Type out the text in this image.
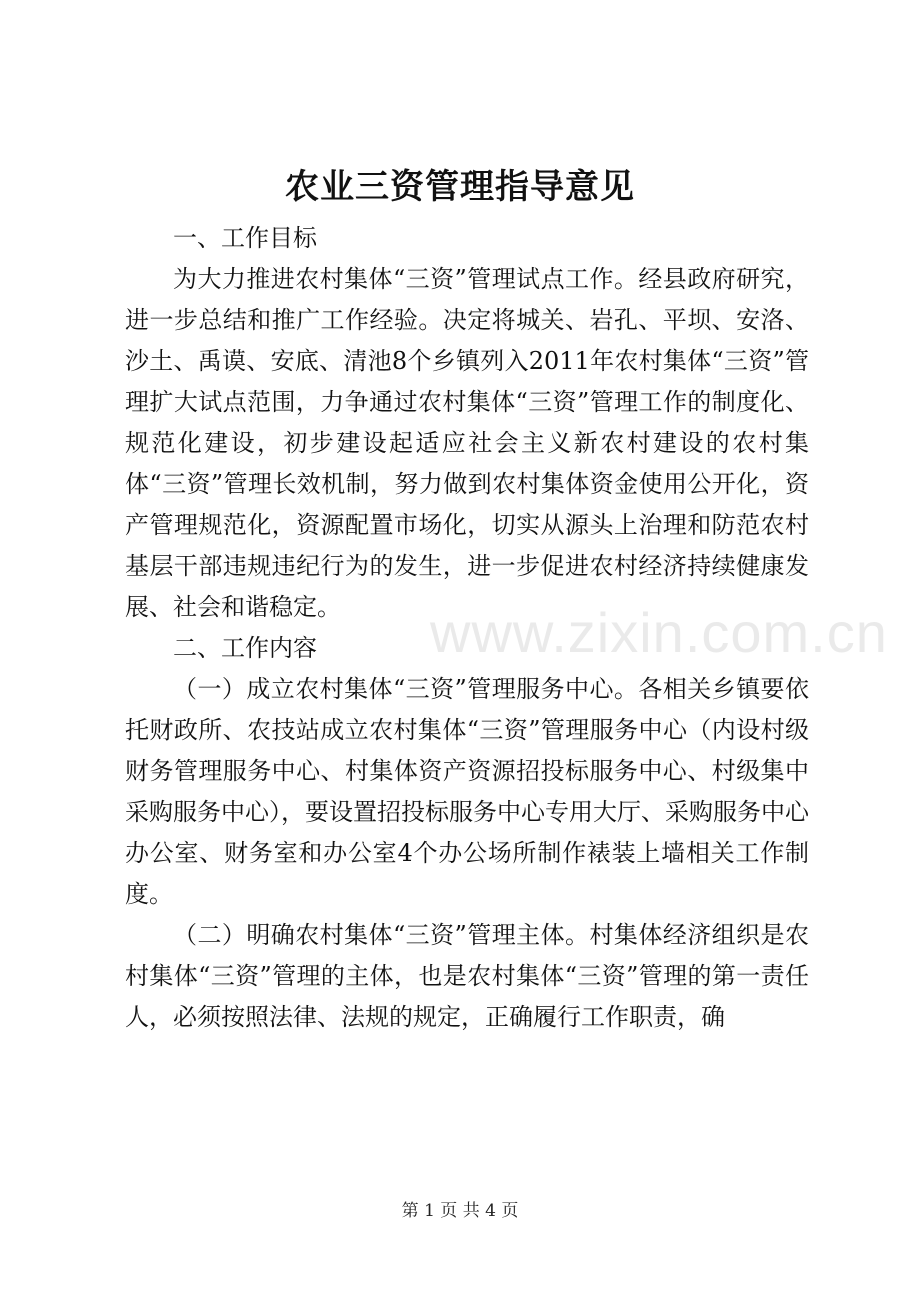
农业三资管理指导意见

一、工作目标

为大力推进农村集体“三资”管理试点工作。经县政府研究，进一步总结和推广工作经验。决定将城关、岩孔、平坝、安洛、沙土、禹谟、安底、清池8个乡镇列入2011年农村集体“三资”管理扩大试点范围，力争通过农村集体“三资”管理工作的制度化、规范化建设，初步建设起适应社会主义新农村建设的农村集体“三资”管理长效机制，努力做到农村集体资金使用公开化，资产管理规范化，资源配置市场化，切实从源头上治理和防范农村基层干部违规违纪行为的发生，进一步促进农村经济持续健康发展、社会和谐稳定。

二、工作内容

（一）成立农村集体“三资”管理服务中心。各相关乡镇要依托财政所、农技站成立农村集体“三资”管理服务中心（内设村级财务管理服务中心、村集体资产资源招投标服务中心、村级集中采购服务中心），要设置招投标服务中心专用大厅、采购服务中心办公室、财务室和办公室4个办公场所制作裱装上墙相关工作制度。

（二）明确农村集体“三资”管理主体。村集体经济组织是农村集体“三资”管理的主体，也是农村集体“三资”管理的第一责任人，必须按照法律、法规的规定，正确履行工作职责，确

www.zixin.com.cn
第 1 页 共 4 页
